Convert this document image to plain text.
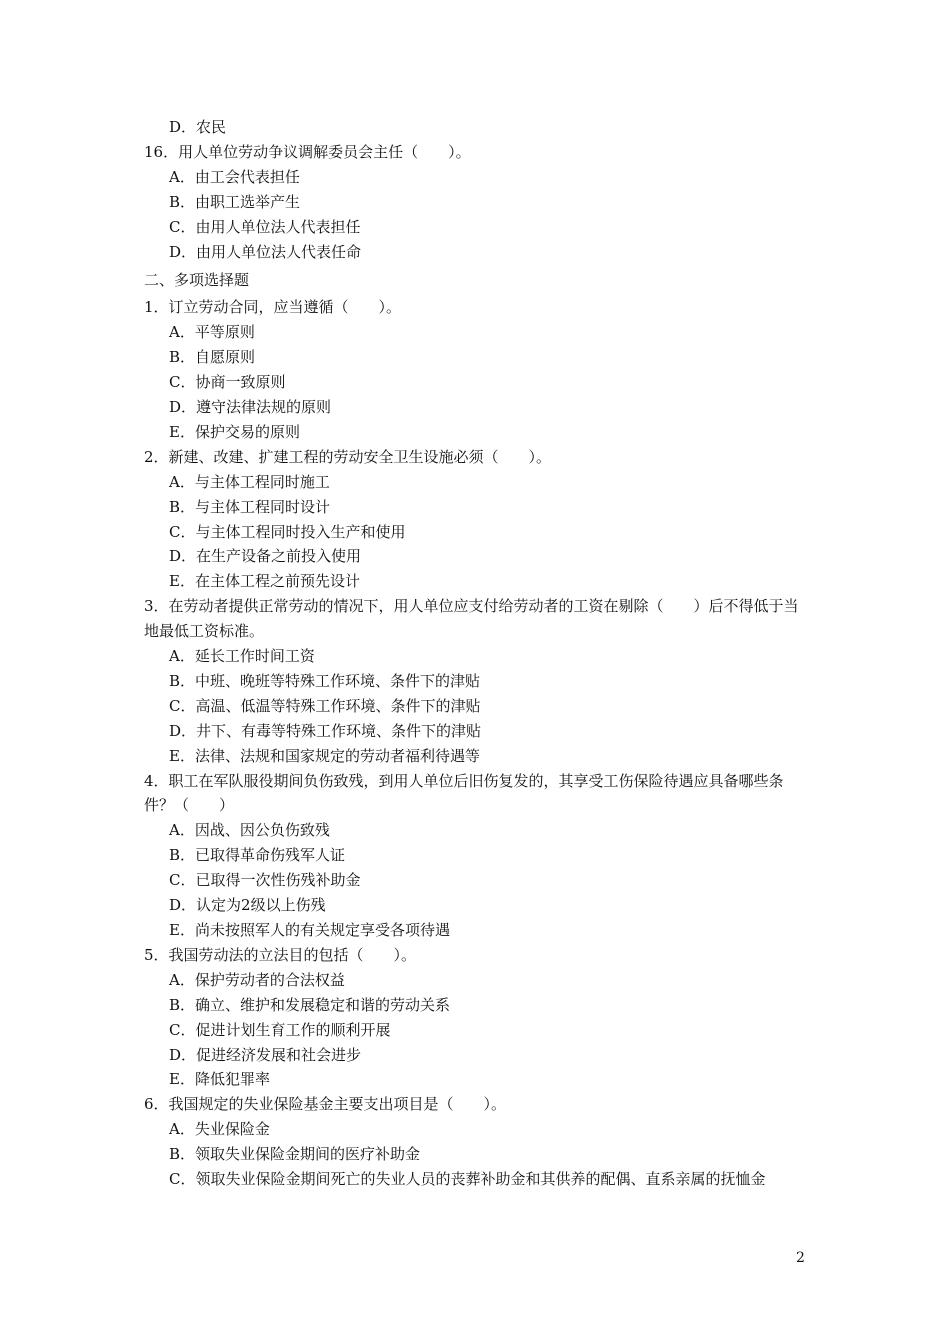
D．农民
16．用人单位劳动争议调解委员会主任（　　）。
A．由工会代表担任
B．由职工选举产生
C．由用人单位法人代表担任
D．由用人单位法人代表任命
二、多项选择题
1．订立劳动合同，应当遵循（　　）。
A．平等原则
B．自愿原则
C．协商一致原则
D．遵守法律法规的原则
E．保护交易的原则
2．新建、改建、扩建工程的劳动安全卫生设施必须（　　）。
A．与主体工程同时施工
B．与主体工程同时设计
C．与主体工程同时投入生产和使用
D．在生产设备之前投入使用
E．在主体工程之前预先设计
3．在劳动者提供正常劳动的情况下，用人单位应支付给劳动者的工资在剔除（　　）后不得低于当地最低工资标准。
A．延长工作时间工资
B．中班、晚班等特殊工作环境、条件下的津贴
C．高温、低温等特殊工作环境、条件下的津贴
D．井下、有毒等特殊工作环境、条件下的津贴
E．法律、法规和国家规定的劳动者福利待遇等
4．职工在军队服役期间负伤致残，到用人单位后旧伤复发的，其享受工伤保险待遇应具备哪些条件？（　　）
A．因战、因公负伤致残
B．已取得革命伤残军人证
C．已取得一次性伤残补助金
D．认定为2级以上伤残
E．尚未按照军人的有关规定享受各项待遇
5．我国劳动法的立法目的包括（　　）。
A．保护劳动者的合法权益
B．确立、维护和发展稳定和谐的劳动关系
C．促进计划生育工作的顺利开展
D．促进经济发展和社会进步
E．降低犯罪率
6．我国规定的失业保险基金主要支出项目是（　　）。
A．失业保险金
B．领取失业保险金期间的医疗补助金
C．领取失业保险金期间死亡的失业人员的丧葬补助金和其供养的配偶、直系亲属的抚恤金
2
